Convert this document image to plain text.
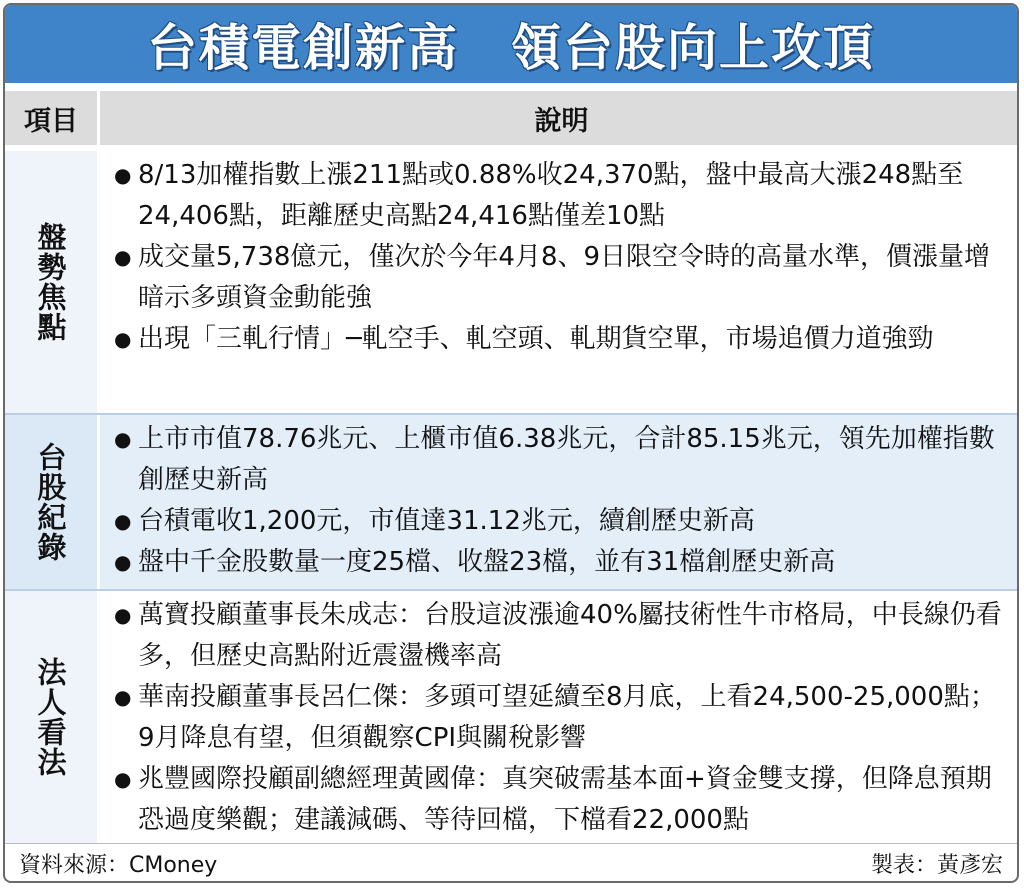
台積電創新高　領台股向上攻頂
項目	說明
盤勢焦點
● 8/13加權指數上漲211點或0.88%收24,370點，盤中最高大漲248點至24,406點，距離歷史高點24,416點僅差10點
● 成交量5,738億元，僅次於今年4月8、9日限空令時的高量水準，價漲量增暗示多頭資金動能強
● 出現「三軋行情」─軋空手、軋空頭、軋期貨空單，市場追價力道強勁
台股紀錄
● 上市市值78.76兆元、上櫃市值6.38兆元，合計85.15兆元，領先加權指數創歷史新高
● 台積電收1,200元，市值達31.12兆元，續創歷史新高
● 盤中千金股數量一度25檔、收盤23檔，並有31檔創歷史新高
法人看法
● 萬寶投顧董事長朱成志：台股這波漲逾40%屬技術性牛市格局，中長線仍看多，但歷史高點附近震盪機率高
● 華南投顧董事長呂仁傑：多頭可望延續至8月底，上看24,500-25,000點；9月降息有望，但須觀察CPI與關稅影響
● 兆豐國際投顧副總經理黃國偉：真突破需基本面+資金雙支撐，但降息預期恐過度樂觀；建議減碼、等待回檔，下檔看22,000點
資料來源：CMoney	製表：黃彥宏
